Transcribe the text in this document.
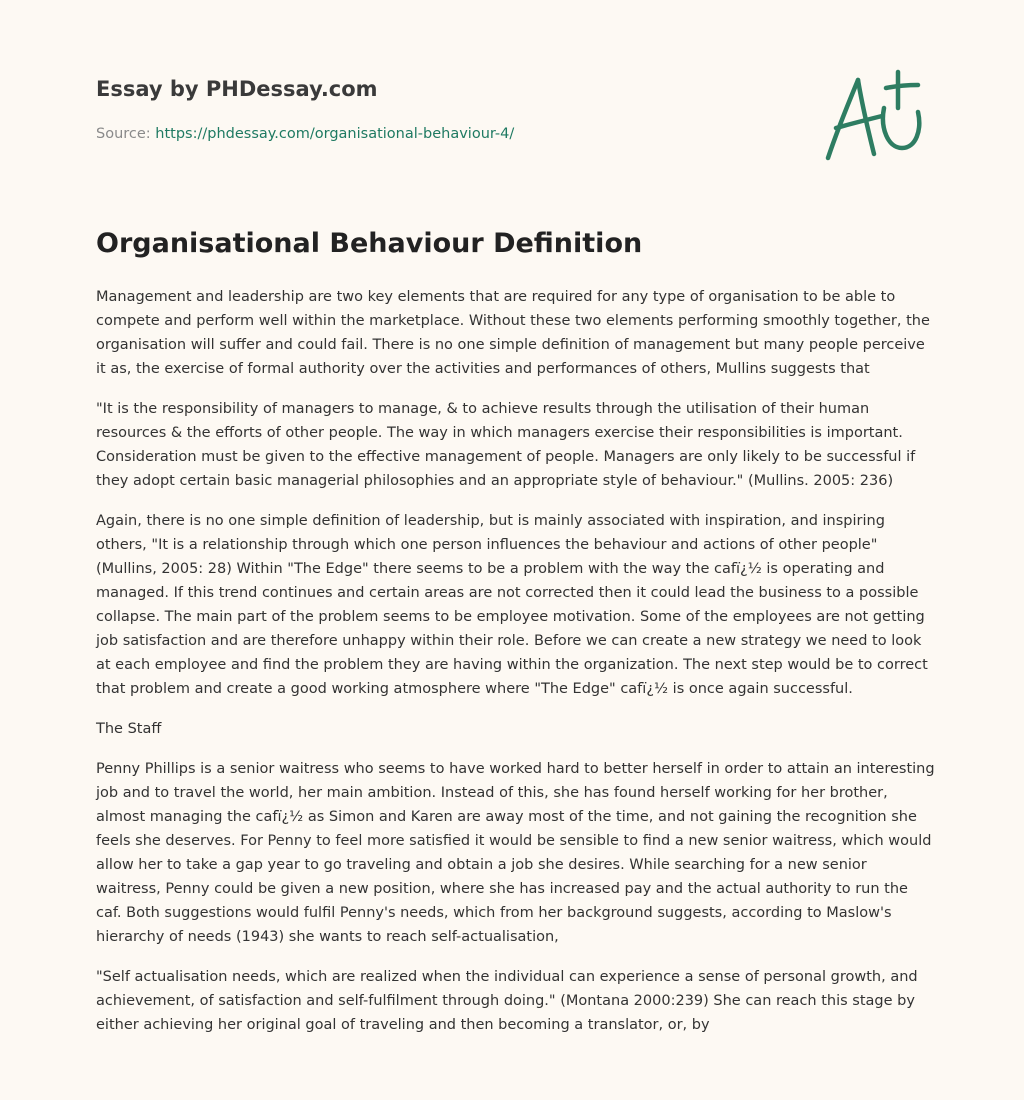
Essay by PHDessay.com
Source: https://phdessay.com/organisational-behaviour-4/
Organisational Behaviour Definition

Management and leadership are two key elements that are required for any type of organisation to be able to compete and perform well within the marketplace. Without these two elements performing smoothly together, the organisation will suffer and could fail. There is no one simple definition of management but many people perceive it as, the exercise of formal authority over the activities and performances of others, Mullins suggests that

"It is the responsibility of managers to manage, & to achieve results through the utilisation of their human resources & the efforts of other people. The way in which managers exercise their responsibilities is important. Consideration must be given to the effective management of people. Managers are only likely to be successful if they adopt certain basic managerial philosophies and an appropriate style of behaviour." (Mullins. 2005: 236)

Again, there is no one simple definition of leadership, but is mainly associated with inspiration, and inspiring others, "It is a relationship through which one person influences the behaviour and actions of other people" (Mullins, 2005: 28) Within "The Edge" there seems to be a problem with the way the cafï¿½ is operating and managed. If this trend continues and certain areas are not corrected then it could lead the business to a possible collapse. The main part of the problem seems to be employee motivation. Some of the employees are not getting job satisfaction and are therefore unhappy within their role. Before we can create a new strategy we need to look at each employee and find the problem they are having within the organization. The next step would be to correct that problem and create a good working atmosphere where "The Edge" cafï¿½ is once again successful.

The Staff

Penny Phillips is a senior waitress who seems to have worked hard to better herself in order to attain an interesting job and to travel the world, her main ambition. Instead of this, she has found herself working for her brother, almost managing the cafï¿½ as Simon and Karen are away most of the time, and not gaining the recognition she feels she deserves. For Penny to feel more satisfied it would be sensible to find a new senior waitress, which would allow her to take a gap year to go traveling and obtain a job she desires. While searching for a new senior waitress, Penny could be given a new position, where she has increased pay and the actual authority to run the caf. Both suggestions would fulfil Penny's needs, which from her background suggests, according to Maslow's hierarchy of needs (1943) she wants to reach self-actualisation,

"Self actualisation needs, which are realized when the individual can experience a sense of personal growth, and achievement, of satisfaction and self-fulfilment through doing." (Montana 2000:239) She can reach this stage by either achieving her original goal of traveling and then becoming a translator, or, by
